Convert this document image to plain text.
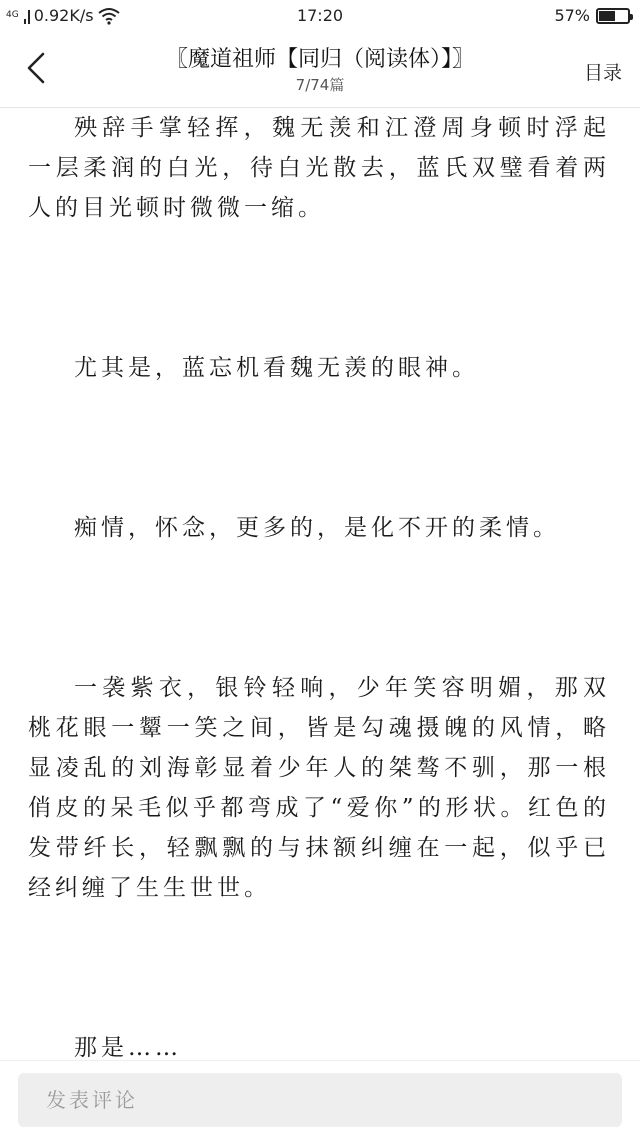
4G 0.92K/s	17:20	57%
〖魔道祖师【同归（阅读体）】〗
7/74篇
目录

殃辞手掌轻挥，魏无羡和江澄周身顿时浮起一层柔润的白光，待白光散去，蓝氏双璧看着两人的目光顿时微微一缩。

尤其是，蓝忘机看魏无羡的眼神。

痴情，怀念，更多的，是化不开的柔情。

一袭紫衣，银铃轻响，少年笑容明媚，那双桃花眼一颦一笑之间，皆是勾魂摄魄的风情，略显凌乱的刘海彰显着少年人的桀骜不驯，那一根俏皮的呆毛似乎都弯成了“爱你”的形状。红色的发带纤长，轻飘飘的与抹额纠缠在一起，似乎已经纠缠了生生世世。

那是……

发表评论
